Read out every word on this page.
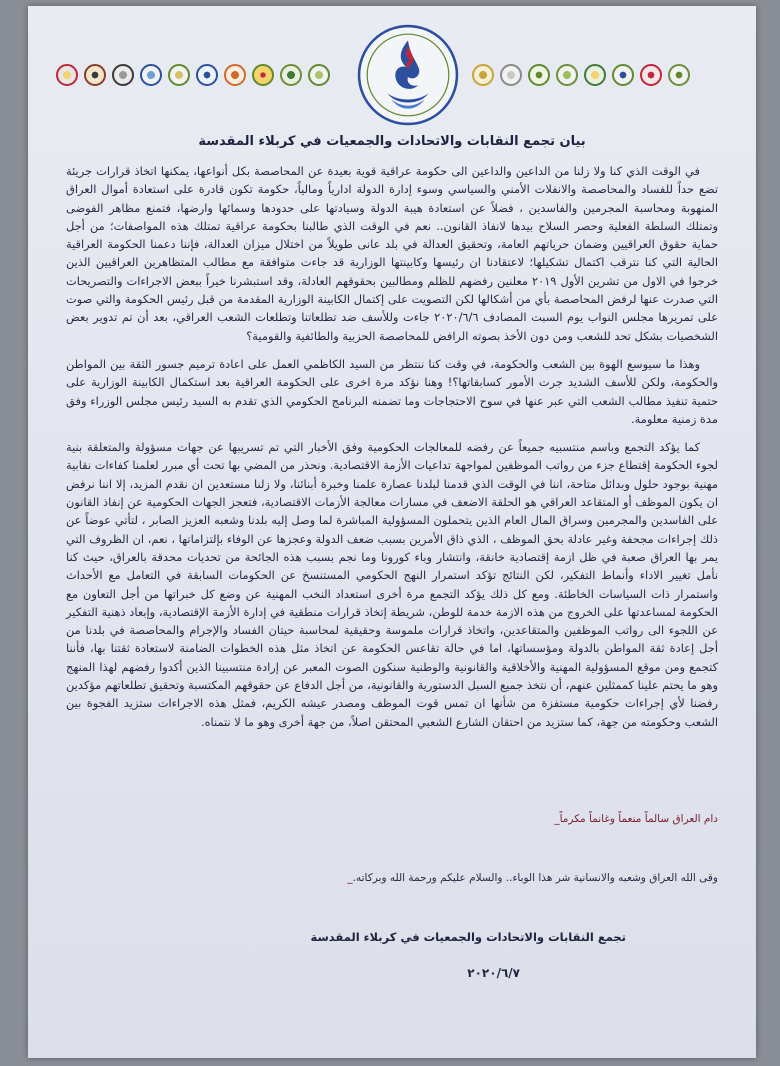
بيان تجمع النقابات والاتحادات والجمعيات في كربلاء المقدسة

في الوقت الذي كنا ولا زلنا من الداعين والداعين الى حكومة عراقية قوية بعيدة عن المحاصصة بكل أنواعها، يمكنها اتخاذ قرارات جريئة تضع حداً للفساد والمحاصصة والانفلات الأمني والسياسي وسوء إدارة الدولة ادارياً ومالياً، حكومة تكون قادرة على استعادة أموال العراق المنهوبة ومحاسبة المجرمين والفاسدين ، فضلاً عن استعادة هيبة الدولة وسيادتها على حدودها وسمائها وارضها، فتمنع مظاهر الفوضى وتمتلك السلطة الفعلية وحصر السلاح بيدها لانفاذ القانون.. نعم في الوقت الذي طالبنا بحكومة عراقية تمتلك هذه المواصفات؛ من أجل حماية حقوق العراقيين وضمان حرياتهم العامة، وتحقيق العدالة في بلد عانى طويلاً من اختلال ميزان العدالة، فإننا دعمنا الحكومة العراقية الحالية التي كنا نترقب اكتمال تشكيلها؛ لاعتقادنا ان رئيسها وكابينتها الوزارية قد جاءت متوافقة مع مطالب المتظاهرين العراقيين الذين خرجوا في الاول من تشرين الأول ٢٠١٩ معلنين رفضهم للظلم ومطالبين بحقوقهم العادلة، وقد استبشرنا خيراً ببعض الاجراءات والتصريحات التي صدرت عنها لرفض المحاصصة بأي من أشكالها لكن التصويت على إكتمال الكابينة الوزارية المقدمة من قبل رئيس الحكومة والتي صوت على تمريرها مجلس النواب يوم السبت المصادف ٢٠٢٠/٦/٦ جاءت وللأسف ضد تطلعاتنا وتطلعات الشعب العراقي، بعد أن تم تدوير بعض الشخصيات بشكل تحد للشعب ومن دون الأخذ بصوته الرافض للمحاصصة الحزبية والطائفية والقومية؟

وهذا ما سيوسع الهوة بين الشعب والحكومة، في وقت كنا ننتظر من السيد الكاظمي العمل على اعادة ترميم جسور الثقة بين المواطن والحكومة، ولكن للأسف الشديد جرت الأمور كسابقاتها؟! وهنا نؤكد مرة اخرى على الحكومة العراقية بعد استكمال الكابينة الوزارية على حتمية تنفيذ مطالب الشعب التي عبر عنها في سوح الاحتجاجات وما تضمنه البرنامج الحكومي الذي تقدم به السيد رئيس مجلس الوزراء وفق مدة زمنية معلومة.

كما يؤكد التجمع وباسم منتسبيه جميعاً عن رفضه للمعالجات الحكومية وفق الأخبار التي تم تسريبها عن جهات مسؤولة والمتعلقة بنية لجوء الحكومة إقتطاع جزء من رواتب الموظفين لمواجهة تداعيات الأزمة الاقتصادية. ونحذر من المضي بها تحت أي مبرر لعلمنا كفاءات نقابية مهنية بوجود حلول وبدائل متاحة، اننا في الوقت الذي قدمنا لبلدنا عصارة علمنا وخبرة أبنائنا، ولا زلنا مستعدين ان نقدم المزيد، إلا اننا نرفض ان يكون الموظف أو المتقاعد العراقي هو الحلقة الاضعف في مسارات معالجة الأزمات الاقتصادية، فتعجز الجهات الحكومية عن إنفاذ القانون على الفاسدين والمجرمين وسراق المال العام الذين يتحملون المسؤولية المباشرة لما وصل إليه بلدنا وشعبه العزيز الصابر ، لتأتي عوضاً عن ذلك إجراءات مجحفة وغير عادلة بحق الموظف ، الذي ذاق الأمرين بسبب ضعف الدولة وعجزها عن الوفاء بإلتزاماتها ، نعم، ان الظروف التي يمر بها العراق صعبة في ظل ازمة إقتصادية خانقة، وانتشار وباء كورونا وما نجم بسبب هذه الجائحة من تحديات محدقة بالعراق، حيث كنا نأمل تغيير الاداء وأنماط التفكير، لكن النتائج تؤكد استمرار النهج الحكومي المستنسخ عن الحكومات السابقة في التعامل مع الأحداث واستمرار ذات السياسات الخاطئة. ومع كل ذلك يؤكد التجمع مرة أخرى استعداد النخب المهنية عن وضع كل خبراتها من أجل التعاون مع الحكومة لمساعدتها على الخروج من هذه الازمة خدمة للوطن، شريطة إتخاذ قرارات منطقية في إدارة الأزمة الإقتصادية، وإبعاد ذهنية التفكير عن اللجوء الى رواتب الموظفين والمتقاعدين، واتخاذ قرارات ملموسة وحقيقية لمحاسبة حيتان الفساد والإجرام والمحاصصة في بلدنا من أجل إعادة ثقة المواطن بالدولة ومؤسساتها، اما في حالة تقاعس الحكومة عن اتخاذ مثل هذه الخطوات الضامنة لاستعادة ثقتنا بها، فأننا كتجمع ومن موقع المسؤولية المهنية والأخلاقية والقانونية والوطنية سنكون الصوت المعبر عن إرادة منتسبينا الذين أكدوا رفضهم لهذا المنهج وهو ما يحتم علينا كممثلين عنهم، أن نتخذ جميع السبل الدستورية والقانونية، من أجل الدفاع عن حقوقهم المكتسبة وتحقيق تطلعاتهم مؤكدين رفضنا لأي إجراءات حكومية مستفزة من شأنها ان تمس قوت الموظف ومصدر عيشه الكريم، فمثل هذه الاجراءات ستزيد الفجوة بين الشعب وحكومته من جهة، كما ستزيد من احتقان الشارع الشعبي المحتقن اصلاً، من جهة أخرى وهو ما لا نتمناه.

دام العراق سالماً منعماً وغانماً مكرماً_
وقى الله العراق وشعبه والانسانية شر هذا الوباء.. والسلام عليكم ورحمة الله وبركاته._
تجمع النقابات والاتحادات والجمعيات في كربلاء المقدسة
٢٠٢٠/٦/٧
